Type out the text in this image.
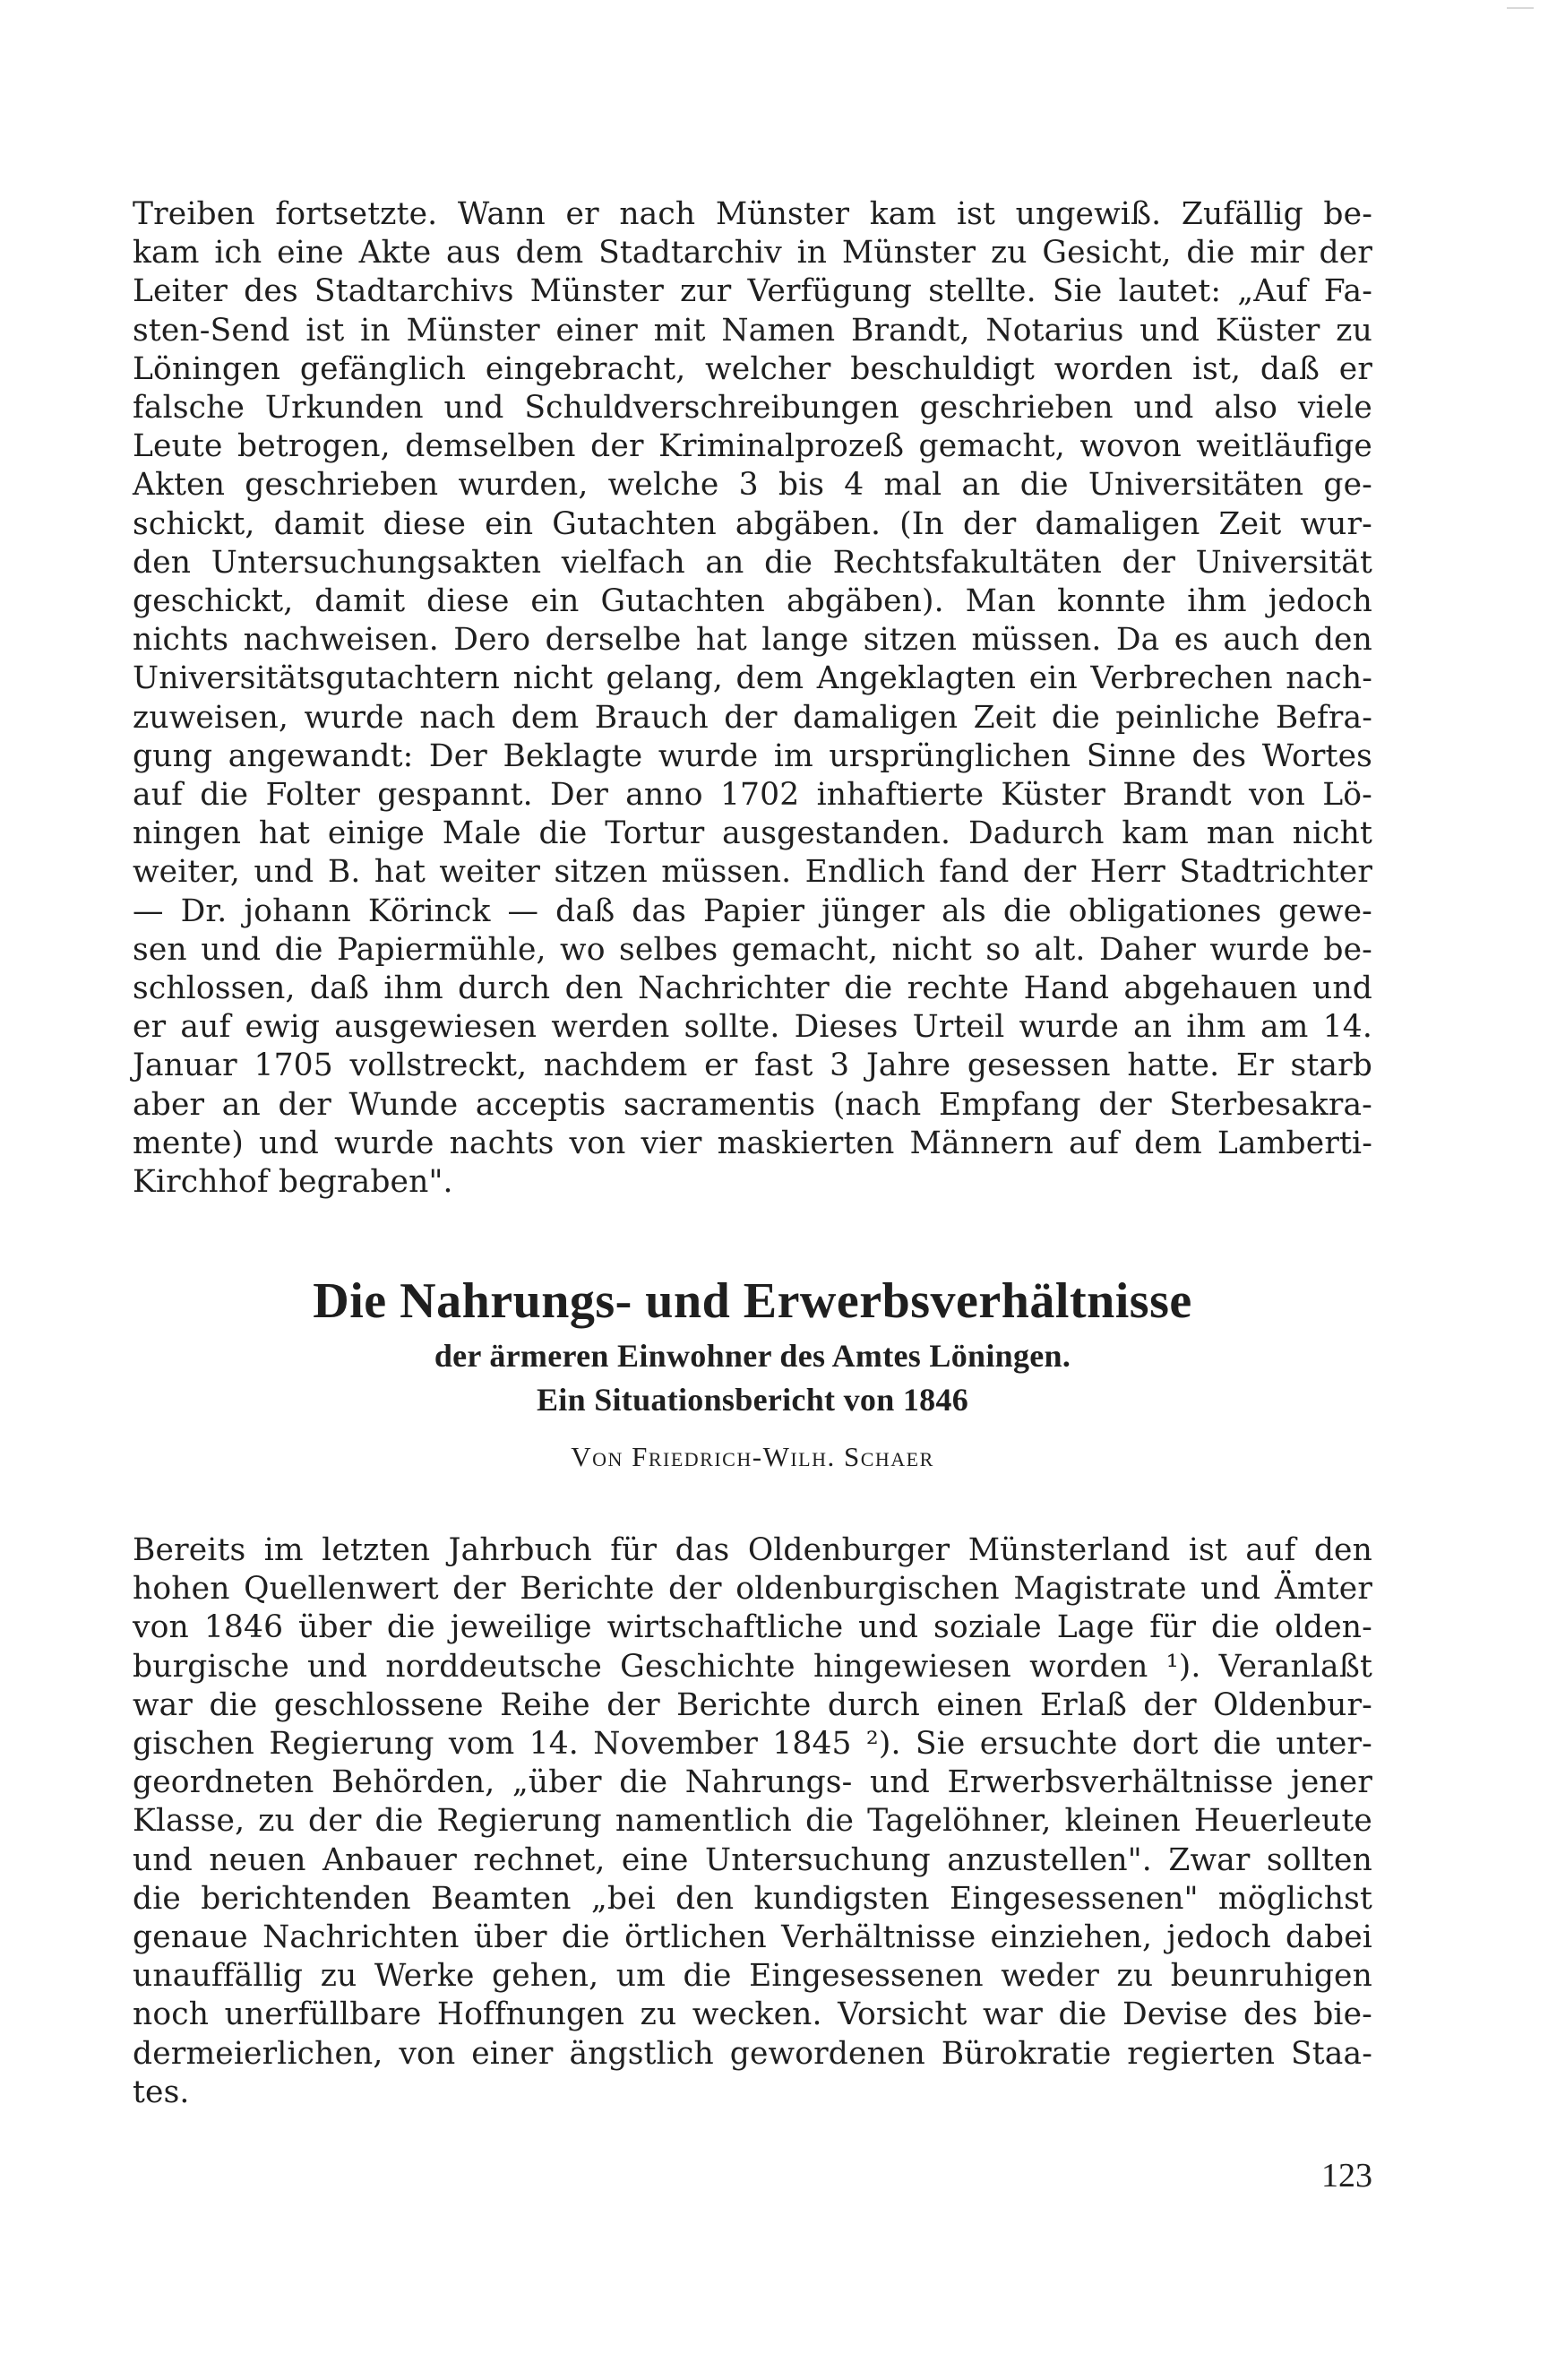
Treiben fortsetzte. Wann er nach Münster kam ist ungewiß. Zufällig be-
kam ich eine Akte aus dem Stadtarchiv in Münster zu Gesicht, die mir der
Leiter des Stadtarchivs Münster zur Verfügung stellte. Sie lautet: „Auf Fa-
sten-Send ist in Münster einer mit Namen Brandt, Notarius und Küster zu
Löningen gefänglich eingebracht, welcher beschuldigt worden ist, daß er
falsche Urkunden und Schuldverschreibungen geschrieben und also viele
Leute betrogen, demselben der Kriminalprozeß gemacht, wovon weitläufige
Akten geschrieben wurden, welche 3 bis 4 mal an die Universitäten ge-
schickt, damit diese ein Gutachten abgäben. (In der damaligen Zeit wur-
den Untersuchungsakten vielfach an die Rechtsfakultäten der Universität
geschickt, damit diese ein Gutachten abgäben). Man konnte ihm jedoch
nichts nachweisen. Dero derselbe hat lange sitzen müssen. Da es auch den
Universitätsgutachtern nicht gelang, dem Angeklagten ein Verbrechen nach-
zuweisen, wurde nach dem Brauch der damaligen Zeit die peinliche Befra-
gung angewandt: Der Beklagte wurde im ursprünglichen Sinne des Wortes
auf die Folter gespannt. Der anno 1702 inhaftierte Küster Brandt von Lö-
ningen hat einige Male die Tortur ausgestanden. Dadurch kam man nicht
weiter, und B. hat weiter sitzen müssen. Endlich fand der Herr Stadtrichter
— Dr. johann Körinck — daß das Papier jünger als die obligationes gewe-
sen und die Papiermühle, wo selbes gemacht, nicht so alt. Daher wurde be-
schlossen, daß ihm durch den Nachrichter die rechte Hand abgehauen und
er auf ewig ausgewiesen werden sollte. Dieses Urteil wurde an ihm am 14.
Januar 1705 vollstreckt, nachdem er fast 3 Jahre gesessen hatte. Er starb
aber an der Wunde acceptis sacramentis (nach Empfang der Sterbesakra-
mente) und wurde nachts von vier maskierten Männern auf dem Lamberti-
Kirchhof begraben".
Die Nahrungs- und Erwerbsverhältnisse
der ärmeren Einwohner des Amtes Löningen.
Ein Situationsbericht von 1846
Von Friedrich-Wilh. Schaer
Bereits im letzten Jahrbuch für das Oldenburger Münsterland ist auf den
hohen Quellenwert der Berichte der oldenburgischen Magistrate und Ämter
von 1846 über die jeweilige wirtschaftliche und soziale Lage für die olden-
burgische und norddeutsche Geschichte hingewiesen worden ¹). Veranlaßt
war die geschlossene Reihe der Berichte durch einen Erlaß der Oldenbur-
gischen Regierung vom 14. November 1845 ²). Sie ersuchte dort die unter-
geordneten Behörden, „über die Nahrungs- und Erwerbsverhältnisse jener
Klasse, zu der die Regierung namentlich die Tagelöhner, kleinen Heuerleute
und neuen Anbauer rechnet, eine Untersuchung anzustellen". Zwar sollten
die berichtenden Beamten „bei den kundigsten Eingesessenen" möglichst
genaue Nachrichten über die örtlichen Verhältnisse einziehen, jedoch dabei
unauffällig zu Werke gehen, um die Eingesessenen weder zu beunruhigen
noch unerfüllbare Hoffnungen zu wecken. Vorsicht war die Devise des bie-
dermeierlichen, von einer ängstlich gewordenen Bürokratie regierten Staa-
tes.
123
